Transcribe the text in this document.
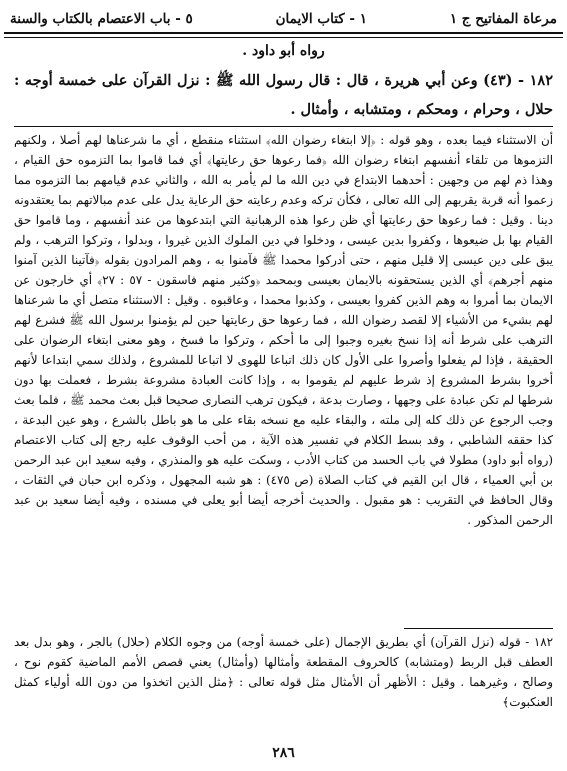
مرعاة المفاتيح ج ١
١ - كتاب الايمان
٥ - باب الاعتصام بالكتاب والسنة
رواه أبو داود .
١٨٢ - (٤٣) وعن أبي هريرة ، قال : قال رسول الله ﷺ : نزل القرآن على خمسة أوجه : حلال ، وحرام ، ومحكم ، ومتشابه ، وأمثال .
أن الاستثناء فيما بعده ، وهو قوله : ﴿إلا ابتغاء رضوان الله﴾ استثناء منقطع ، أي ما شرعناها لهم أصلا ، ولكنهم التزموها من تلقاء أنفسهم ابتغاء رضوان الله ﴿فما رعوها حق رعايتها﴾ أي فما قاموا بما التزموه حق القيام ، وهذا ذم لهم من وجهين : أحدهما الابتداع في دين الله ما لم يأمر به الله ، والثاني عدم قيامهم بما التزموه مما زعموا أنه قربة يقربهم إلى الله تعالى ، فكأن تركه وعدم رعايته حق الرعاية يدل على عدم مبالاتهم بما يعتقدونه دينا . وقيل : فما رعوها حق رعايتها أي ظن رعوا هذه الرهبانية التي ابتدعوها من عند أنفسهم ، وما قاموا حق القيام بها بل ضيعوها ، وكفروا بدين عيسى ، ودخلوا في دين الملوك الذين غيروا ، وبدلوا ، وتركوا الترهب ، ولم يبق على دين عيسى إلا قليل منهم ، حتى أدركوا محمدا ﷺ فآمنوا به ، وهم المرادون بقوله ﴿فآتينا الذين آمنوا منهم أجرهم﴾ أي الذين يستحقونه بالايمان بعيسى وبمحمد ﴿وكثير منهم فاسقون - ٥٧ : ٢٧﴾ أي خارجون عن الايمان بما أمروا به وهم الذين كفروا بعيسى ، وكذبوا محمدا ، وعاقبوه . وقيل : الاستثناء متصل أي ما شرعناها لهم بشيء من الأشياء إلا لقصد رضوان الله ، فما رعوها حق رعايتها حين لم يؤمنوا برسول الله ﷺ فشرع لهم الترهب على شرط أنه إذا نسخ بغيره وجبوا إلى ما أحكم ، وتركوا ما فسخ ، وهو معنى ابتغاء الرضوان على الحقيقة ، فإذا لم يفعلوا وأصروا على الأول كان ذلك اتباعا للهوى لا اتباعا للمشروع ، ولذلك سمي ابتداعا لأنهم أخروا بشرط المشروع إذ شرط عليهم لم يقوموا به ، وإذا كانت العبادة مشروعة بشرط ، فعملت بها دون شرطها لم تكن عبادة على وجهها ، وصارت بدعة ، فيكون ترهب النصارى صحيحا قبل بعث محمد ﷺ ، فلما بعث وجب الرجوع عن ذلك كله إلى ملته ، والبقاء عليه مع نسخه بقاء على ما هو باطل بالشرع ، وهو عين البدعة ، كذا حققه الشاطبي ، وقد بسط الكلام في تفسير هذه الآية ، من أحب الوقوف عليه رجع إلى كتاب الاعتصام (رواه أبو داود) مطولا في باب الحسد من كتاب الأدب ، وسكت عليه هو والمنذري ، وفيه سعيد ابن عبد الرحمن بن أبي العمياء ، قال ابن القيم في كتاب الصلاة (ص ٤٧٥) : هو شبه المجهول ، وذكره ابن حبان في الثقات ، وقال الحافظ في التقريب : هو مقبول . والحديث أخرجه أيضا أبو يعلى في مسنده ، وفيه أيضا سعيد بن عبد الرحمن المذكور .
١٨٢ - قوله (نزل القرآن) أي بطريق الإجمال (على خمسة أوجه) من وجوه الكلام (حلال) بالجر ، وهو بدل بعد العطف قبل الربط (ومتشابه) كالحروف المقطعة وأمثالها (وأمثال) يعني قصص الأمم الماضية كقوم نوح ، وصالح ، وغيرهما . وقيل : الأظهر أن الأمثال مثل قوله تعالى : ﴿مثل الذين اتخذوا من دون الله أولياء كمثل العنكبوت﴾
٢٨٦
